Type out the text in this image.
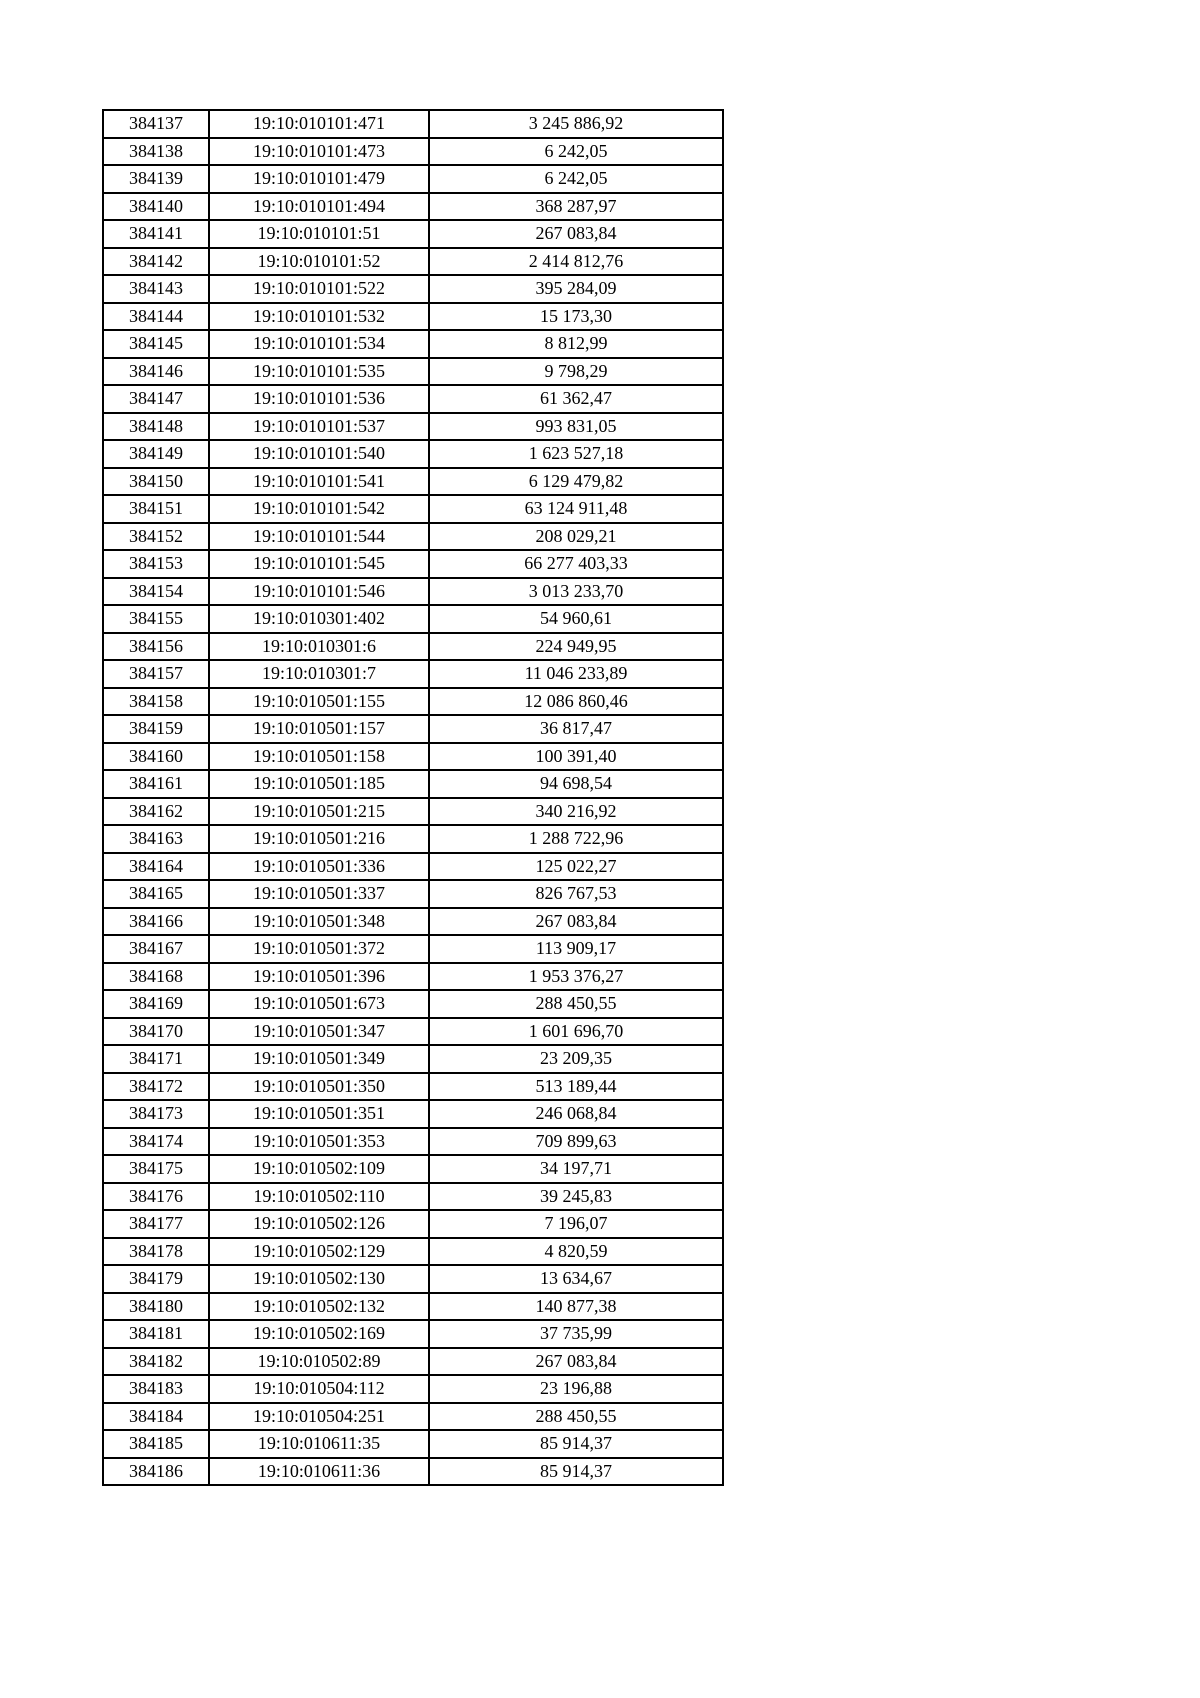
384137	19:10:010101:471	3 245 886,92
384138	19:10:010101:473	6 242,05
384139	19:10:010101:479	6 242,05
384140	19:10:010101:494	368 287,97
384141	19:10:010101:51	267 083,84
384142	19:10:010101:52	2 414 812,76
384143	19:10:010101:522	395 284,09
384144	19:10:010101:532	15 173,30
384145	19:10:010101:534	8 812,99
384146	19:10:010101:535	9 798,29
384147	19:10:010101:536	61 362,47
384148	19:10:010101:537	993 831,05
384149	19:10:010101:540	1 623 527,18
384150	19:10:010101:541	6 129 479,82
384151	19:10:010101:542	63 124 911,48
384152	19:10:010101:544	208 029,21
384153	19:10:010101:545	66 277 403,33
384154	19:10:010101:546	3 013 233,70
384155	19:10:010301:402	54 960,61
384156	19:10:010301:6	224 949,95
384157	19:10:010301:7	11 046 233,89
384158	19:10:010501:155	12 086 860,46
384159	19:10:010501:157	36 817,47
384160	19:10:010501:158	100 391,40
384161	19:10:010501:185	94 698,54
384162	19:10:010501:215	340 216,92
384163	19:10:010501:216	1 288 722,96
384164	19:10:010501:336	125 022,27
384165	19:10:010501:337	826 767,53
384166	19:10:010501:348	267 083,84
384167	19:10:010501:372	113 909,17
384168	19:10:010501:396	1 953 376,27
384169	19:10:010501:673	288 450,55
384170	19:10:010501:347	1 601 696,70
384171	19:10:010501:349	23 209,35
384172	19:10:010501:350	513 189,44
384173	19:10:010501:351	246 068,84
384174	19:10:010501:353	709 899,63
384175	19:10:010502:109	34 197,71
384176	19:10:010502:110	39 245,83
384177	19:10:010502:126	7 196,07
384178	19:10:010502:129	4 820,59
384179	19:10:010502:130	13 634,67
384180	19:10:010502:132	140 877,38
384181	19:10:010502:169	37 735,99
384182	19:10:010502:89	267 083,84
384183	19:10:010504:112	23 196,88
384184	19:10:010504:251	288 450,55
384185	19:10:010611:35	85 914,37
384186	19:10:010611:36	85 914,37
